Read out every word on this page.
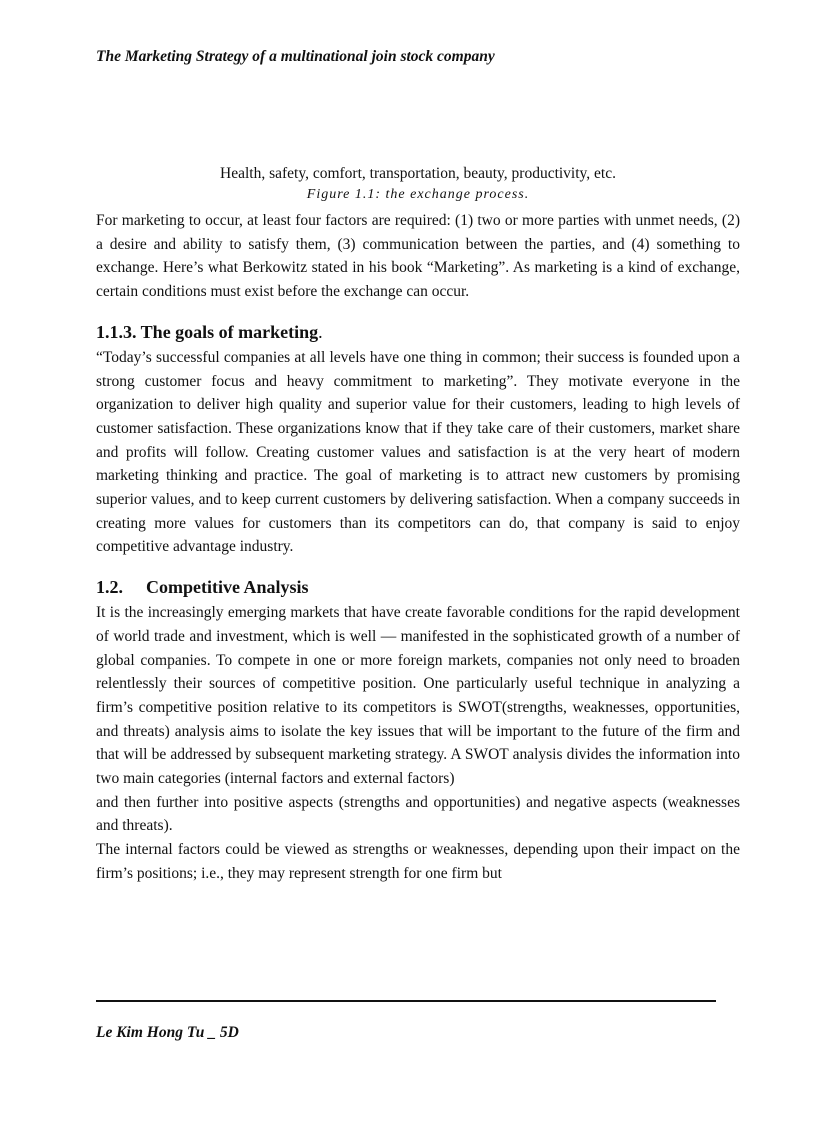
The Marketing Strategy of a multinational join stock company

Health, safety, comfort, transportation, beauty, productivity, etc.

Figure 1.1: the exchange process.

For marketing to occur, at least four factors are required: (1) two or more parties with unmet needs, (2) a desire and ability to satisfy them, (3) communication between the parties, and (4) something to exchange. Here’s what Berkowitz stated in his book “Marketing”. As marketing is a kind of exchange, certain conditions must exist before the exchange can occur.

1.1.3. The goals of marketing.

“Today’s successful companies at all levels have one thing in common; their success is founded upon a strong customer focus and heavy commitment to marketing”. They motivate everyone in the organization to deliver high quality and superior value for their customers, leading to high levels of customer satisfaction. These organizations know that if they take care of their customers, market share and profits will follow. Creating customer values and satisfaction is at the very heart of modern marketing thinking and practice. The goal of marketing is to attract new customers by promising superior values, and to keep current customers by delivering satisfaction. When a company succeeds in creating more values for customers than its competitors can do, that company is said to enjoy competitive advantage industry.

1.2. Competitive Analysis

It is the increasingly emerging markets that have create favorable conditions for the rapid development of world trade and investment, which is well — manifested in the sophisticated growth of a number of global companies. To compete in one or more foreign markets, companies not only need to broaden relentlessly their sources of competitive position. One particularly useful technique in analyzing a firm’s competitive position relative to its competitors is SWOT(strengths, weaknesses, opportunities, and threats) analysis aims to isolate the key issues that will be important to the future of the firm and that will be addressed by subsequent marketing strategy. A SWOT analysis divides the information into two main categories (internal factors and external factors)

and then further into positive aspects (strengths and opportunities) and negative aspects (weaknesses and threats).

The internal factors could be viewed as strengths or weaknesses, depending upon their impact on the firm’s positions; i.e., they may represent strength for one firm but

Le Kim Hong Tu _ 5D
